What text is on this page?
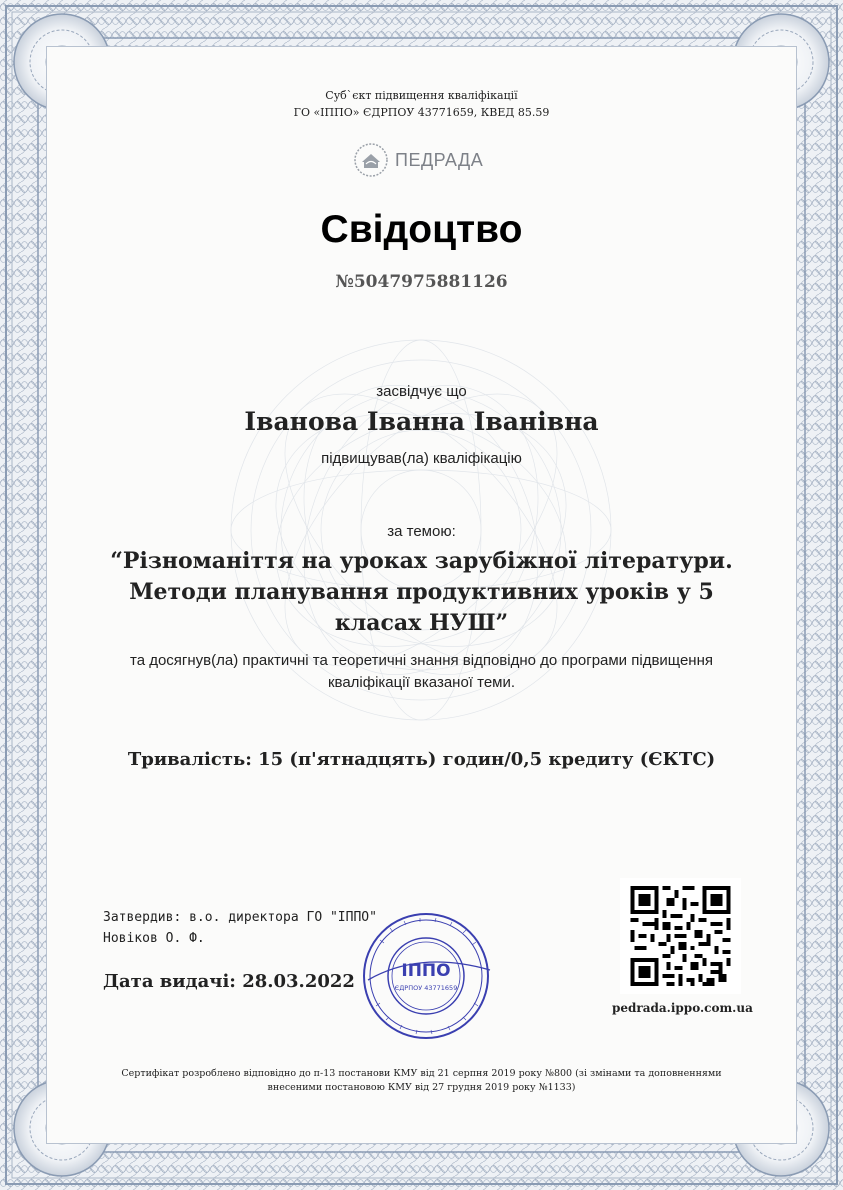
Суб`єкт підвищення кваліфікації
ГО «ІППО» ЄДРПОУ 43771659, КВЕД 85.59
ПЕДРАДА
Свідоцтво
№5047975881126
засвідчує що
Іванова Іванна Іванівна
підвищував(ла) кваліфікацію
за темою:
“Різноманіття на уроках зарубіжної літератури. Методи планування продуктивних уроків у 5 класах НУШ”
та досягнув(ла) практичні та теоретичні знання відповідно до програми підвищення кваліфікації вказаної теми.
Тривалість: 15 (п'ятнадцять) годин/0,5 кредиту (ЄКТС)
Затвердив: в.о. директора ГО "ІППО"
Новіков О. Ф.
Дата видачі: 28.03.2022	ІППО
ЄДРПОУ 43771659
pedrada.ippo.com.ua
Сертифікат розроблено відповідно до п-13 постанови КМУ від 21 серпня 2019 року №800 (зі змінами та доповненнями внесеними постановою КМУ від 27 грудня 2019 року №1133)
